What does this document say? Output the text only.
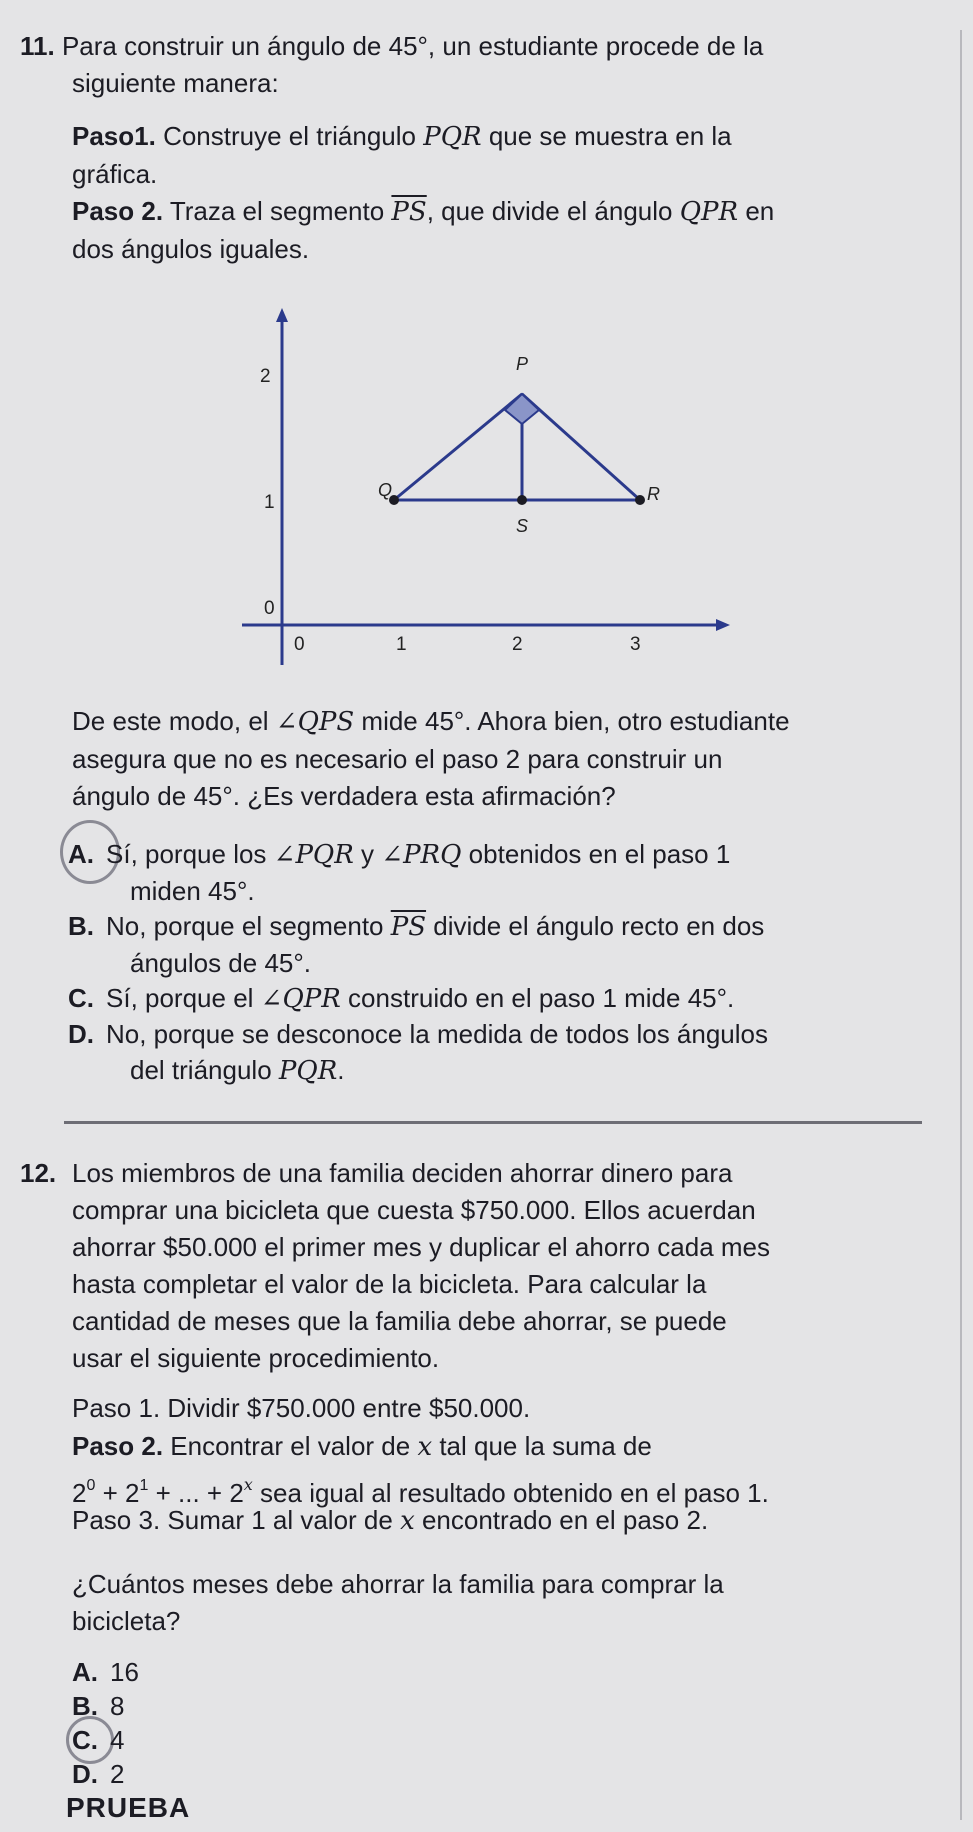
11. Para construir un ángulo de 45°, un estudiante procede de la
siguiente manera:
Paso1. Construye el triángulo PQR que se muestra en la
gráfica.
Paso 2. Traza el segmento $\overline{PS}$, que divide el ángulo QPR en
dos ángulos iguales.
2
1
0
0	1	2	3
P
Q	R
S
De este modo, el ∠QPS mide 45°. Ahora bien, otro estudiante
asegura que no es necesario el paso 2 para construir un
ángulo de 45°. ¿Es verdadera esta afirmación?
A. Sí, porque los ∠PQR y ∠PRQ obtenidos en el paso 1
miden 45°.
B. No, porque el segmento $\overline{PS}$ divide el ángulo recto en dos
ángulos de 45°.
C. Sí, porque el ∠QPR construido en el paso 1 mide 45°.
D. No, porque se desconoce la medida de todos los ángulos
del triángulo PQR.
12. Los miembros de una familia deciden ahorrar dinero para
comprar una bicicleta que cuesta $750.000. Ellos acuerdan
ahorrar $50.000 el primer mes y duplicar el ahorro cada mes
hasta completar el valor de la bicicleta. Para calcular la
cantidad de meses que la familia debe ahorrar, se puede
usar el siguiente procedimiento.
Paso 1. Dividir $750.000 entre $50.000.
Paso 2. Encontrar el valor de x tal que la suma de
$2^0 + 2^1$ + ... + $2^x$ sea igual al resultado obtenido en el paso 1.
Paso 3. Sumar 1 al valor de x encontrado en el paso 2.
¿Cuántos meses debe ahorrar la familia para comprar la
bicicleta?
A. 16
B. 8
C. 4
D. 2
PRUEBA
